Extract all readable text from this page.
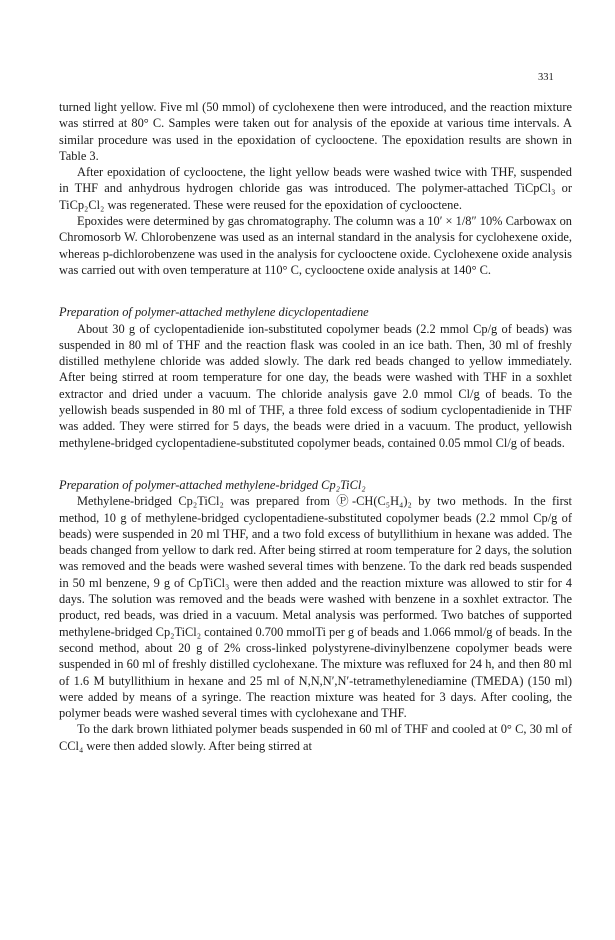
331

turned light yellow. Five ml (50 mmol) of cyclohexene then were introduced, and the reaction mixture was stirred at 80° C. Samples were taken out for analysis of the epoxide at various time intervals. A similar procedure was used in the epoxidation of cyclooctene. The epoxidation results are shown in Table 3.

After epoxidation of cyclooctene, the light yellow beads were washed twice with THF, suspended in THF and anhydrous hydrogen chloride gas was introduced. The polymer-attached TiCpCl₃ or TiCp₂Cl₂ was regenerated. These were reused for the epoxidation of cyclooctene.

Epoxides were determined by gas chromatography. The column was a 10′ × 1/8″ 10% Carbowax on Chromosorb W. Chlorobenzene was used as an internal standard in the analysis for cyclohexene oxide, whereas p-dichlorobenzene was used in the analysis for cyclooctene oxide. Cyclohexene oxide analysis was carried out with oven temperature at 110° C, cyclooctene oxide analysis at 140° C.

Preparation of polymer-attached methylene dicyclopentadiene

About 30 g of cyclopentadienide ion-substituted copolymer beads (2.2 mmol Cp/g of beads) was suspended in 80 ml of THF and the reaction flask was cooled in an ice bath. Then, 30 ml of freshly distilled methylene chloride was added slowly. The dark red beads changed to yellow immediately. After being stirred at room temperature for one day, the beads were washed with THF in a soxhlet extractor and dried under a vacuum. The chloride analysis gave 2.0 mmol Cl/g of beads. To the yellowish beads suspended in 80 ml of THF, a three fold excess of sodium cyclopentadienide in THF was added. They were stirred for 5 days, the beads were dried in a vacuum. The product, yellowish methylene-bridged cyclopentadiene-substituted copolymer beads, contained 0.05 mmol Cl/g of beads.

Preparation of polymer-attached methylene-bridged Cp₂TiCl₂

Methylene-bridged Cp₂TiCl₂ was prepared from Ⓟ-CH(C₅H₄)₂ by two methods. In the first method, 10 g of methylene-bridged cyclopentadiene-substituted copolymer beads (2.2 mmol Cp/g of beads) were suspended in 20 ml THF, and a two fold excess of butyllithium in hexane was added. The beads changed from yellow to dark red. After being stirred at room temperature for 2 days, the solution was removed and the beads were washed several times with benzene. To the dark red beads suspended in 50 ml benzene, 9 g of CpTiCl₃ were then added and the reaction mixture was allowed to stir for 4 days. The solution was removed and the beads were washed with benzene in a soxhlet extractor. The product, red beads, was dried in a vacuum. Metal analysis was performed. Two batches of supported methylene-bridged Cp₂TiCl₂ contained 0.700 mmolTi per g of beads and 1.066 mmol/g of beads. In the second method, about 20 g of 2% cross-linked polystyrene-divinylbenzene copolymer beads were suspended in 60 ml of freshly distilled cyclohexane. The mixture was refluxed for 24 h, and then 80 ml of 1.6 M butyllithium in hexane and 25 ml of N,N,N′,N′-tetramethylenediamine (TMEDA) (150 ml) were added by means of a syringe. The reaction mixture was heated for 3 days. After cooling, the polymer beads were washed several times with cyclohexane and THF.

To the dark brown lithiated polymer beads suspended in 60 ml of THF and cooled at 0° C, 30 ml of CCl₄ were then added slowly. After being stirred at
